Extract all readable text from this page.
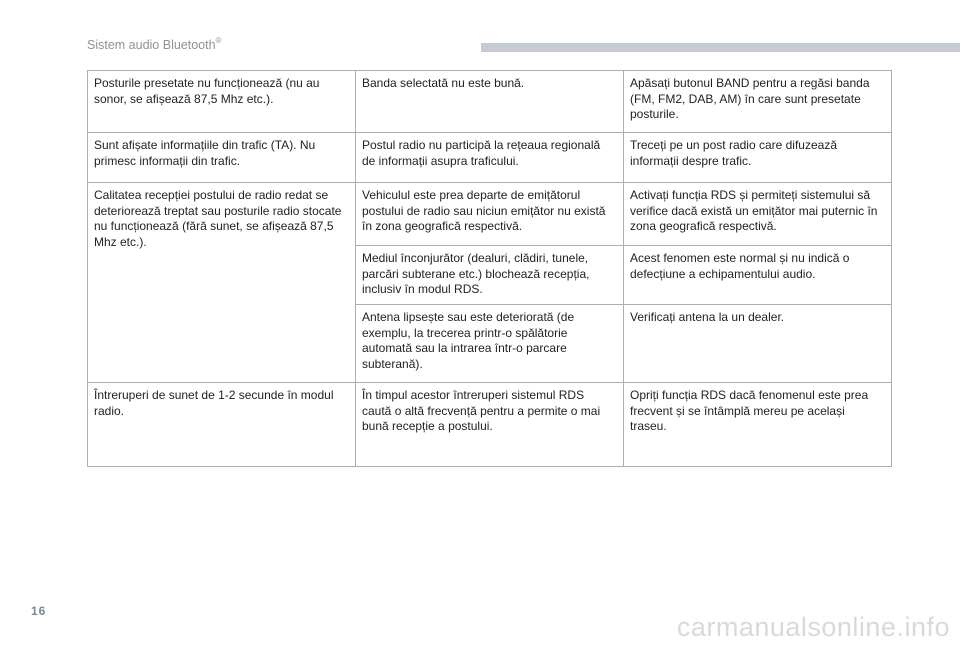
Sistem audio Bluetooth®
Posturile presetate nu funcționează (nu au sonor, se afișează 87,5 Mhz etc.).	Banda selectată nu este bună.	Apăsați butonul BAND pentru a regăsi banda (FM, FM2, DAB, AM) în care sunt presetate posturile.
Sunt afișate informațiile din trafic (TA). Nu primesc informații din trafic.	Postul radio nu participă la rețeaua regională de informații asupra traficului.	Treceți pe un post radio care difuzează informații despre trafic.
Calitatea recepției postului de radio redat se deteriorează treptat sau posturile radio stocate nu funcționează (fără sunet, se afișează 87,5 Mhz etc.).	Vehiculul este prea departe de emițătorul postului de radio sau niciun emițător nu există în zona geografică respectivă.	Activați funcția RDS și permiteți sistemului să verifice dacă există un emițător mai puternic în zona geografică respectivă.
	Mediul înconjurător (dealuri, clădiri, tunele, parcări subterane etc.) blochează recepția, inclusiv în modul RDS.	Acest fenomen este normal și nu indică o defecțiune a echipamentului audio.
	Antena lipsește sau este deteriorată (de exemplu, la trecerea printr-o spălătorie automată sau la intrarea într-o parcare subterană).	Verificați antena la un dealer.
Întreruperi de sunet de 1-2 secunde în modul radio.	În timpul acestor întreruperi sistemul RDS caută o altă frecvență pentru a permite o mai bună recepție a postului.	Opriți funcția RDS dacă fenomenul este prea frecvent și se întâmplă mereu pe același traseu.
16
carmanualsonline.info
